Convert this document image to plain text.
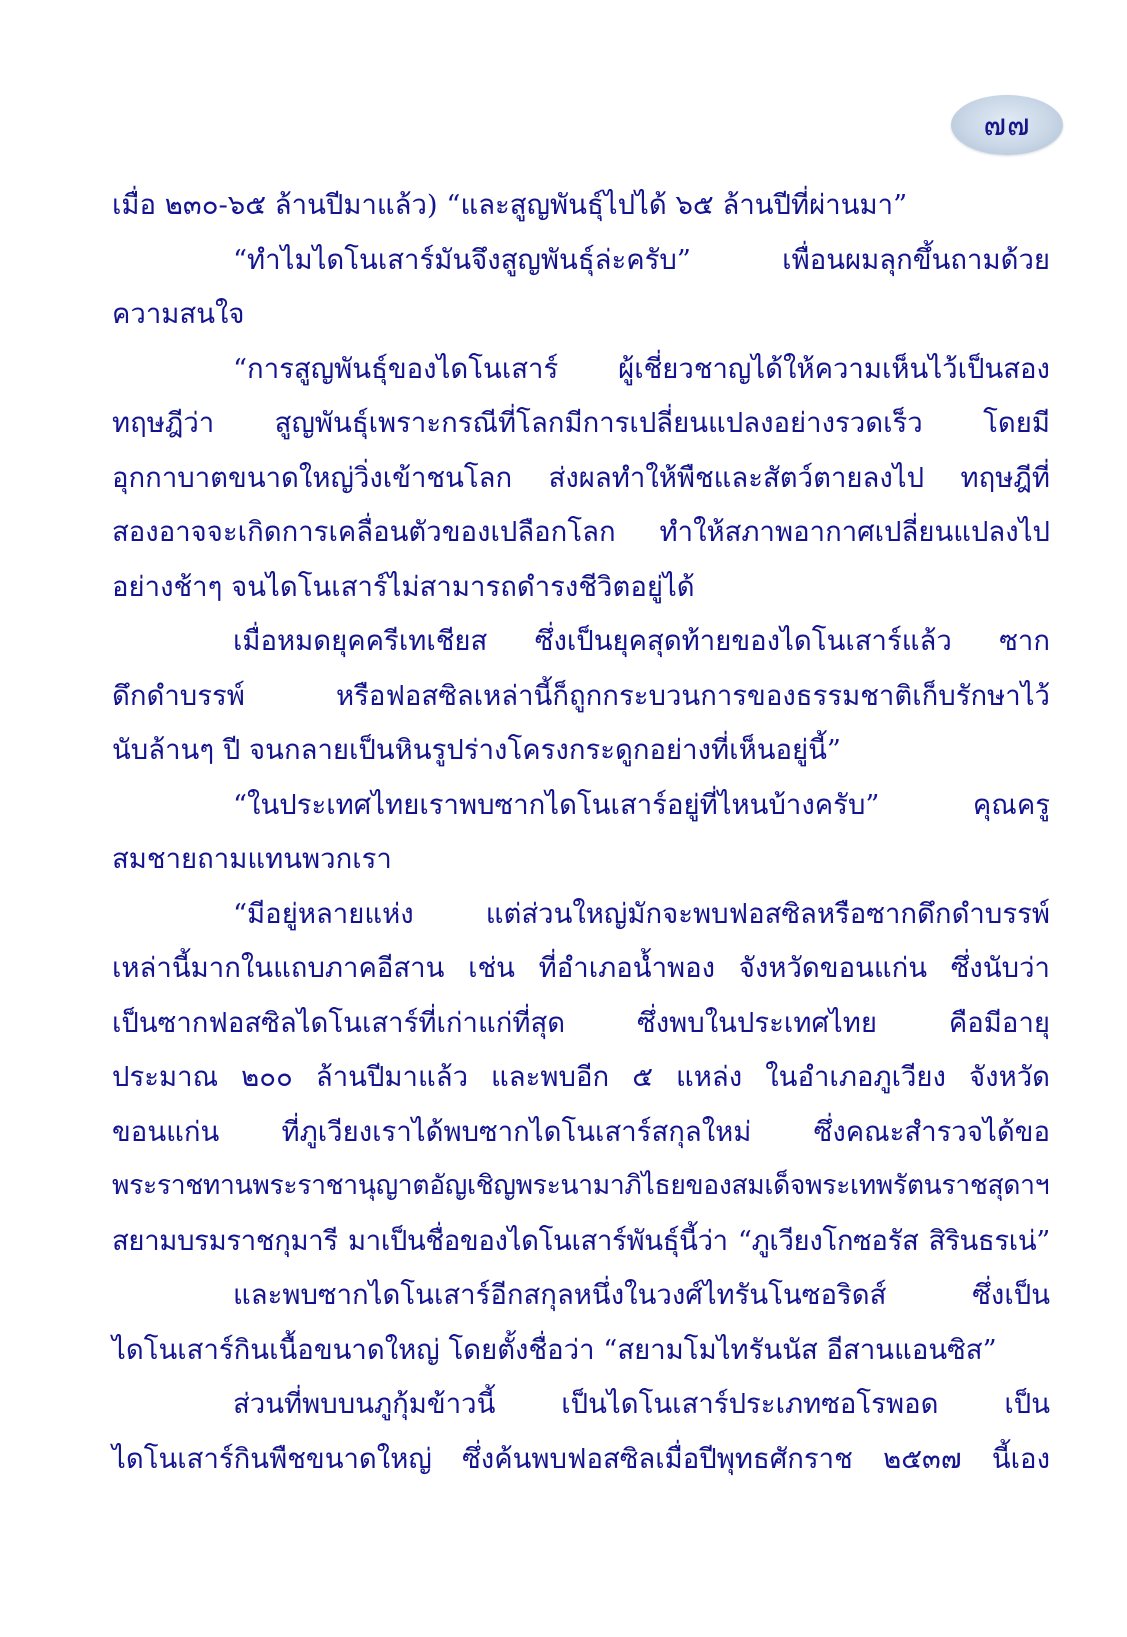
๗๗
เมื่อ ๒๓๐-๖๕ ล้านปีมาแล้ว) “และสูญพันธุ์ไปได้ ๖๕ ล้านปีที่ผ่านมา”
“ทำไมไดโนเสาร์มันจึงสูญพันธุ์ล่ะครับ” เพื่อนผมลุกขึ้นถามด้วย
ความสนใจ
“การสูญพันธุ์ของไดโนเสาร์ ผู้เชี่ยวชาญได้ให้ความเห็นไว้เป็นสอง
ทฤษฎีว่า สูญพันธุ์เพราะกรณีที่โลกมีการเปลี่ยนแปลงอย่างรวดเร็ว โดยมี
อุกกาบาตขนาดใหญ่วิ่งเข้าชนโลก ส่งผลทำให้พืชและสัตว์ตายลงไป ทฤษฎีที่
สองอาจจะเกิดการเคลื่อนตัวของเปลือกโลก ทำให้สภาพอากาศเปลี่ยนแปลงไป
อย่างช้าๆ จนไดโนเสาร์ไม่สามารถดำรงชีวิตอยู่ได้
เมื่อหมดยุคครีเทเชียส ซึ่งเป็นยุคสุดท้ายของไดโนเสาร์แล้ว ซาก
ดึกดำบรรพ์ หรือฟอสซิลเหล่านี้ก็ถูกกระบวนการของธรรมชาติเก็บรักษาไว้
นับล้านๆ ปี จนกลายเป็นหินรูปร่างโครงกระดูกอย่างที่เห็นอยู่นี้”
“ในประเทศไทยเราพบซากไดโนเสาร์อยู่ที่ไหนบ้างครับ” คุณครู
สมชายถามแทนพวกเรา
“มีอยู่หลายแห่ง แต่ส่วนใหญ่มักจะพบฟอสซิลหรือซากดึกดำบรรพ์
เหล่านี้มากในแถบภาคอีสาน เช่น ที่อำเภอน้ำพอง จังหวัดขอนแก่น ซึ่งนับว่า
เป็นซากฟอสซิลไดโนเสาร์ที่เก่าแก่ที่สุด ซึ่งพบในประเทศไทย คือมีอายุ
ประมาณ ๒๐๐ ล้านปีมาแล้ว และพบอีก ๕ แหล่ง ในอำเภอภูเวียง จังหวัด
ขอนแก่น ที่ภูเวียงเราได้พบซากไดโนเสาร์สกุลใหม่ ซึ่งคณะสำรวจได้ขอ
พระราชทานพระราชานุญาตอัญเชิญพระนามาภิไธยของสมเด็จพระเทพรัตนราชสุดาฯ
สยามบรมราชกุมารี มาเป็นชื่อของไดโนเสาร์พันธุ์นี้ว่า “ภูเวียงโกซอรัส สิรินธรเน่”
และพบซากไดโนเสาร์อีกสกุลหนึ่งในวงศ์ไทรันโนซอริดส์ ซึ่งเป็น
ไดโนเสาร์กินเนื้อขนาดใหญ่ โดยตั้งชื่อว่า “สยามโมไทรันนัส อีสานแอนซิส”
ส่วนที่พบบนภูกุ้มข้าวนี้ เป็นไดโนเสาร์ประเภทซอโรพอด เป็น
ไดโนเสาร์กินพืชขนาดใหญ่ ซึ่งค้นพบฟอสซิลเมื่อปีพุทธศักราช ๒๕๓๗ นี้เอง
